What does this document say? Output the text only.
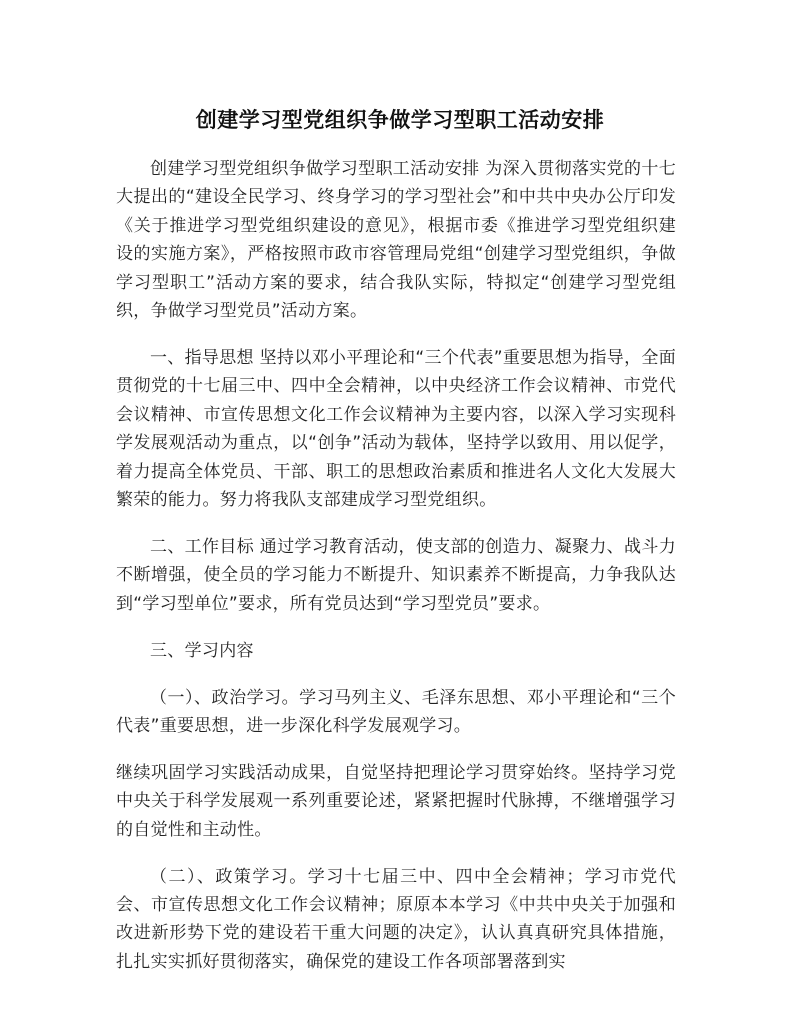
创建学习型党组织争做学习型职工活动安排

创建学习型党组织争做学习型职工活动安排 为深入贯彻落实党的十七大提出的“建设全民学习、终身学习的学习型社会”和中共中央办公厅印发《关于推进学习型党组织建设的意见》，根据市委《推进学习型党组织建设的实施方案》，严格按照市政市容管理局党组“创建学习型党组织，争做学习型职工”活动方案的要求，结合我队实际，特拟定“创建学习型党组织，争做学习型党员”活动方案。

一、指导思想 坚持以邓小平理论和“三个代表”重要思想为指导，全面贯彻党的十七届三中、四中全会精神，以中央经济工作会议精神、市党代会议精神、市宣传思想文化工作会议精神为主要内容，以深入学习实现科学发展观活动为重点，以“创争”活动为载体，坚持学以致用、用以促学，着力提高全体党员、干部、职工的思想政治素质和推进名人文化大发展大繁荣的能力。努力将我队支部建成学习型党组织。

二、工作目标 通过学习教育活动，使支部的创造力、凝聚力、战斗力不断增强，使全员的学习能力不断提升、知识素养不断提高，力争我队达到“学习型单位”要求，所有党员达到“学习型党员”要求。

三、学习内容

（一）、政治学习。学习马列主义、毛泽东思想、邓小平理论和“三个代表”重要思想，进一步深化科学发展观学习。

继续巩固学习实践活动成果，自觉坚持把理论学习贯穿始终。坚持学习党中央关于科学发展观一系列重要论述，紧紧把握时代脉搏，不继增强学习的自觉性和主动性。

（二）、政策学习。学习十七届三中、四中全会精神；学习市党代会、市宣传思想文化工作会议精神；原原本本学习《中共中央关于加强和改进新形势下党的建设若干重大问题的决定》，认认真真研究具体措施，扎扎实实抓好贯彻落实，确保党的建设工作各项部署落到实
